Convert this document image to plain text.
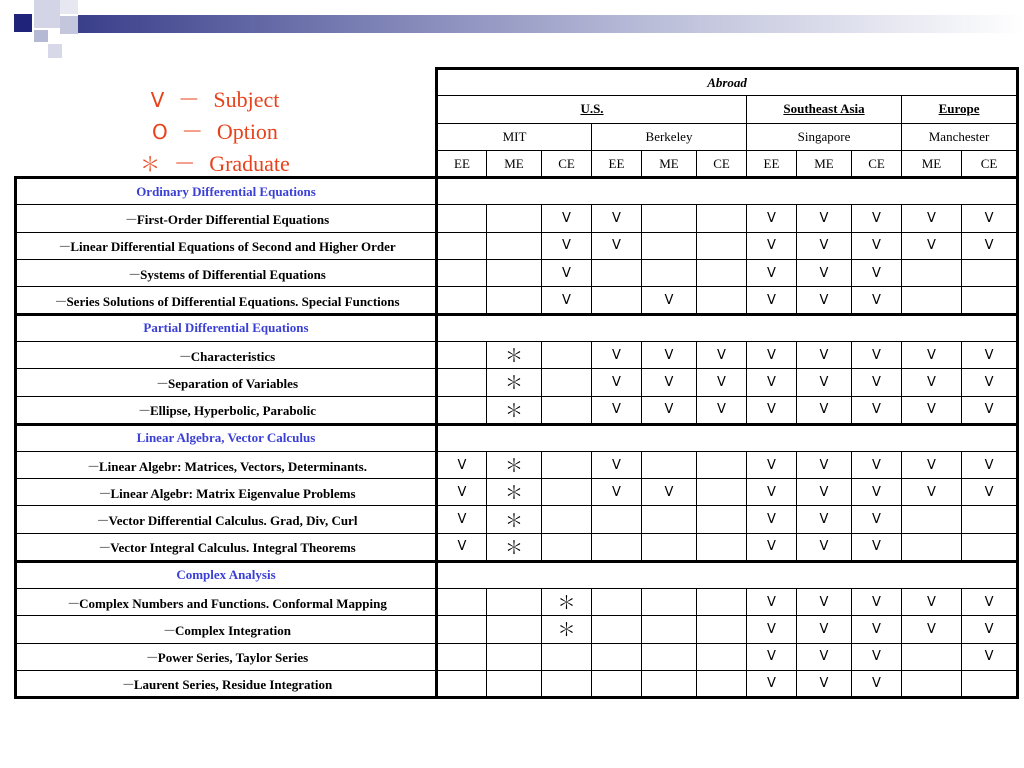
V － Subject
O － Option
＊ － Graduate
	Abroad										
	U.S.						Southeast Asia			Europe	
	MIT			Berkeley			Singapore			Manchester	
	EE	ME	CE	EE	ME	CE	EE	ME	CE	ME	CE
Ordinary Differential Equations											
－First-Order Differential Equations			V	V			V	V	V	V	V
－Linear Differential Equations of Second and Higher Order			V	V			V	V	V	V	V
－Systems of Differential Equations			V				V	V	V		
－Series Solutions of Differential Equations. Special Functions			V		V		V	V	V		
Partial Differential Equations											
－Characteristics		＊		V	V	V	V	V	V	V	V
－Separation of Variables		＊		V	V	V	V	V	V	V	V
－Ellipse, Hyperbolic, Parabolic		＊		V	V	V	V	V	V	V	V
Linear Algebra, Vector Calculus											
－Linear Algebr: Matrices, Vectors, Determinants.	V	＊		V			V	V	V	V	V
－Linear Algebr: Matrix Eigenvalue Problems	V	＊		V	V		V	V	V	V	V
－Vector Differential Calculus. Grad, Div, Curl	V	＊					V	V	V		
－Vector Integral Calculus. Integral Theorems	V	＊					V	V	V		
Complex Analysis											
－Complex Numbers and Functions. Conformal Mapping			＊				V	V	V	V	V
－Complex Integration			＊				V	V	V	V	V
－Power Series, Taylor Series							V	V	V		V
－Laurent Series, Residue Integration							V	V	V		
